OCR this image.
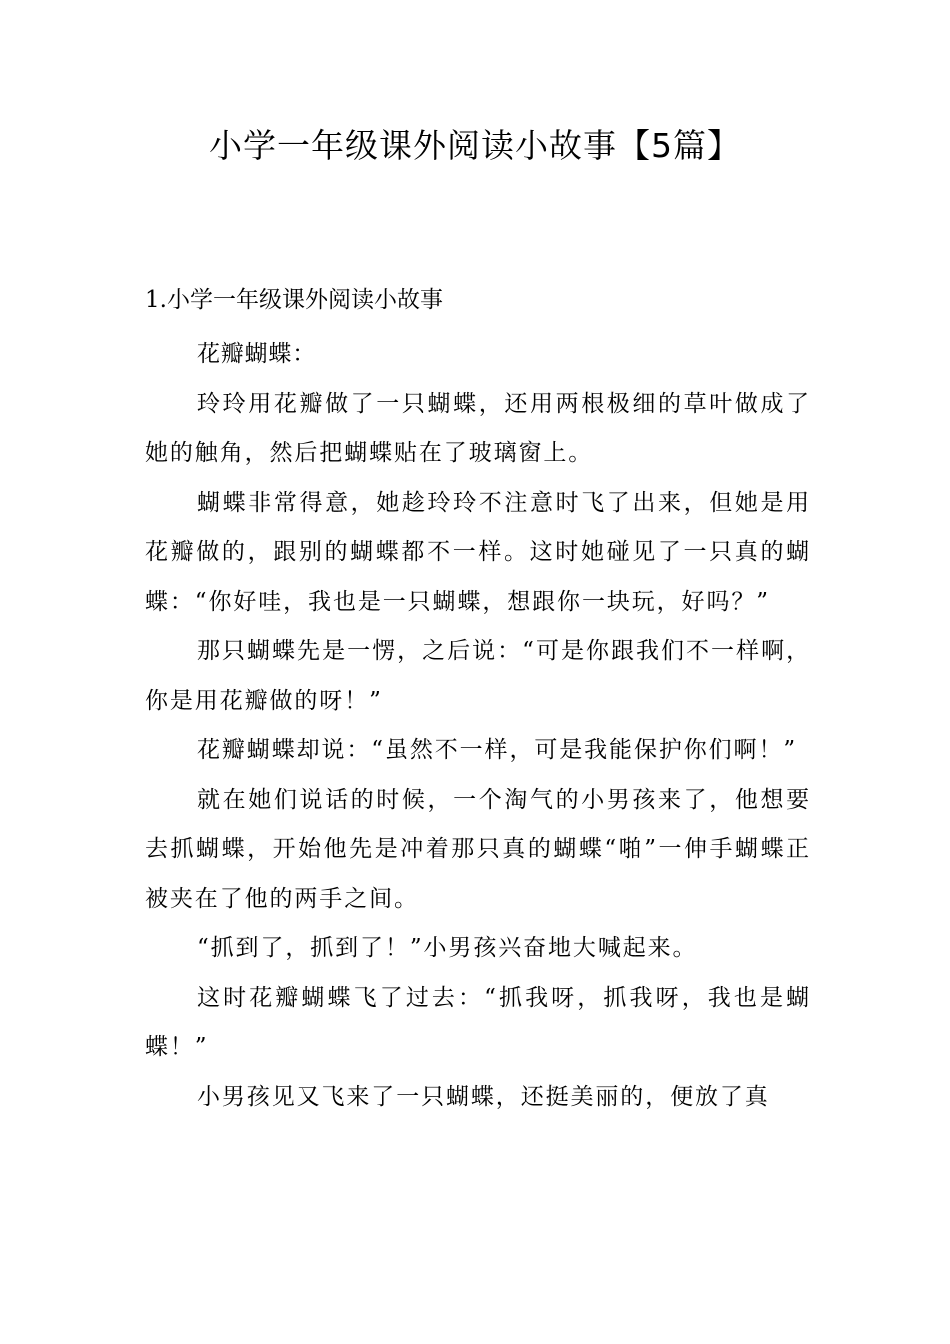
小学一年级课外阅读小故事【5篇】
1.小学一年级课外阅读小故事

花瓣蝴蝶：

玲玲用花瓣做了一只蝴蝶，还用两根极细的草叶做成了她的触角，然后把蝴蝶贴在了玻璃窗上。

蝴蝶非常得意，她趁玲玲不注意时飞了出来，但她是用花瓣做的，跟别的蝴蝶都不一样。这时她碰见了一只真的蝴蝶：“你好哇，我也是一只蝴蝶，想跟你一块玩，好吗？”

那只蝴蝶先是一愣，之后说：“可是你跟我们不一样啊，你是用花瓣做的呀！”

花瓣蝴蝶却说：“虽然不一样，可是我能保护你们啊！”

就在她们说话的时候，一个淘气的小男孩来了，他想要去抓蝴蝶，开始他先是冲着那只真的蝴蝶“啪”一伸手蝴蝶正被夹在了他的两手之间。

“抓到了，抓到了！”小男孩兴奋地大喊起来。

这时花瓣蝴蝶飞了过去：“抓我呀，抓我呀，我也是蝴蝶！”

小男孩见又飞来了一只蝴蝶，还挺美丽的，便放了真
